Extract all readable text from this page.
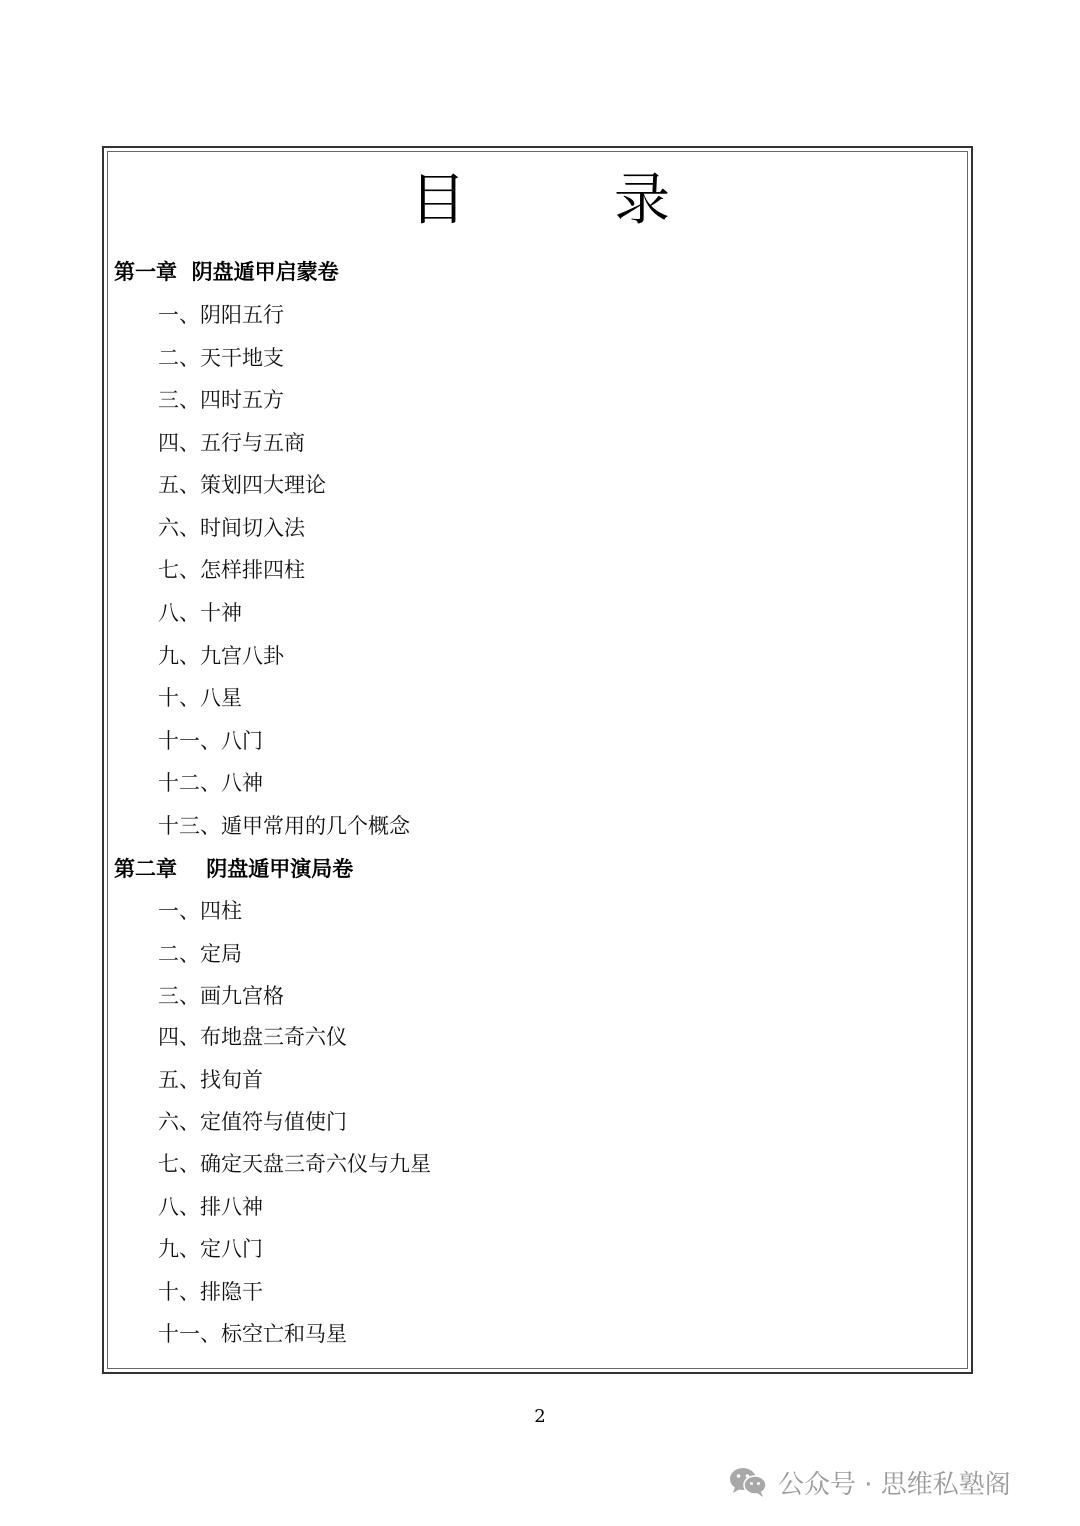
目　录
第一章  阴盘遁甲启蒙卷
一、阴阳五行
二、天干地支
三、四时五方
四、五行与五商
五、策划四大理论
六、时间切入法
七、怎样排四柱
八、十神
九、九宫八卦
十、八星
十一、八门
十二、八神
十三、遁甲常用的几个概念
第二章    阴盘遁甲演局卷
一、四柱
二、定局
三、画九宫格
四、布地盘三奇六仪
五、找旬首
六、定值符与值使门
七、确定天盘三奇六仪与九星
八、排八神
九、定八门
十、排隐干
十一、标空亡和马星
2
公众号 · 思维私塾阁
